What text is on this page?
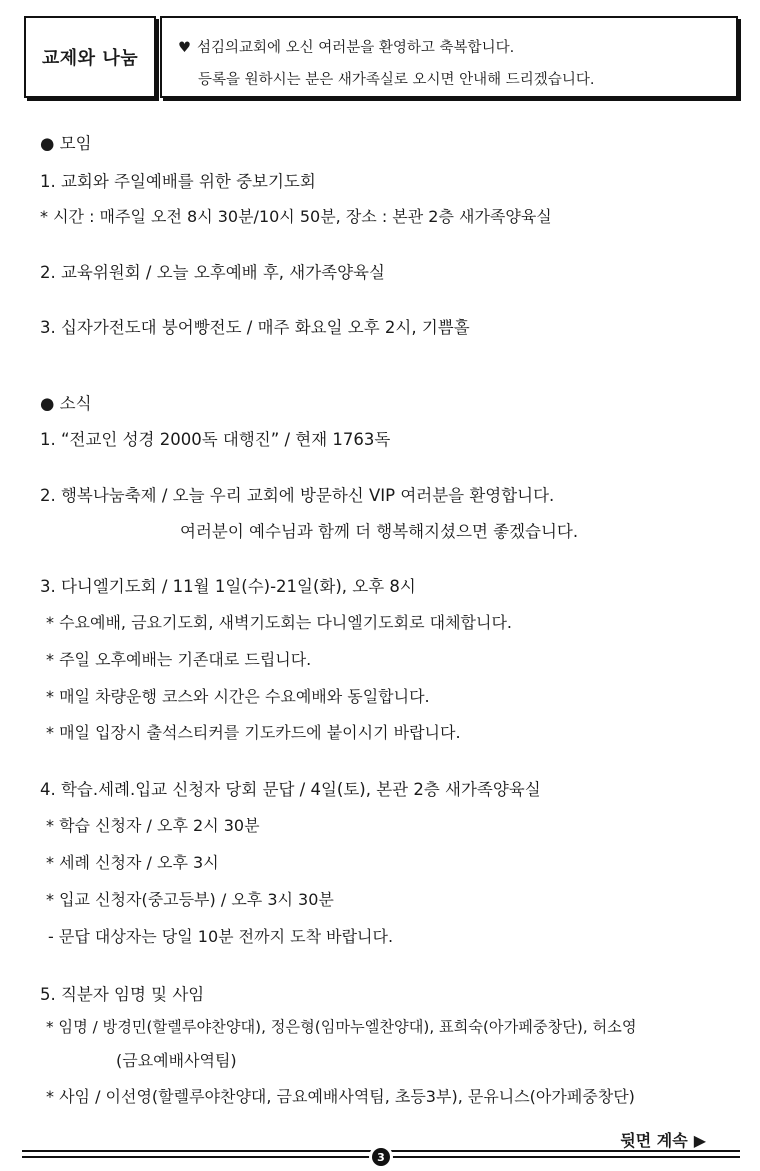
교제와 나눔	♥ 섬김의교회에 오신 여러분을 환영하고 축복합니다.
등록을 원하시는 분은 새가족실로 오시면 안내해 드리겠습니다.
● 모임
1. 교회와 주일예배를 위한 중보기도회
* 시간 : 매주일 오전 8시 30분/10시 50분, 장소 : 본관 2층 새가족양육실
2. 교육위원회 / 오늘 오후예배 후, 새가족양육실
3. 십자가전도대 붕어빵전도 / 매주 화요일 오후 2시, 기쁨홀
● 소식
1. “전교인 성경 2000독 대행진” / 현재 1763독
2. 행복나눔축제 / 오늘 우리 교회에 방문하신 VIP 여러분을 환영합니다.
여러분이 예수님과 함께 더 행복해지셨으면 좋겠습니다.
3. 다니엘기도회 / 11월 1일(수)-21일(화), 오후 8시
* 수요예배, 금요기도회, 새벽기도회는 다니엘기도회로 대체합니다.
* 주일 오후예배는 기존대로 드립니다.
* 매일 차량운행 코스와 시간은 수요예배와 동일합니다.
* 매일 입장시 출석스티커를 기도카드에 붙이시기 바랍니다.
4. 학습.세례.입교 신청자 당회 문답 / 4일(토), 본관 2층 새가족양육실
* 학습 신청자 / 오후 2시 30분
* 세례 신청자 / 오후 3시
* 입교 신청자(중고등부) / 오후 3시 30분
- 문답 대상자는 당일 10분 전까지 도착 바랍니다.
5. 직분자 임명 및 사임
* 임명 / 방경민(할렐루야찬양대), 정은형(임마누엘찬양대), 표희숙(아가페중창단), 허소영
(금요예배사역팀)
* 사임 / 이선영(할렐루야찬양대, 금요예배사역팀, 초등3부), 문유니스(아가페중창단)
뒷면 계속 ▶
3
